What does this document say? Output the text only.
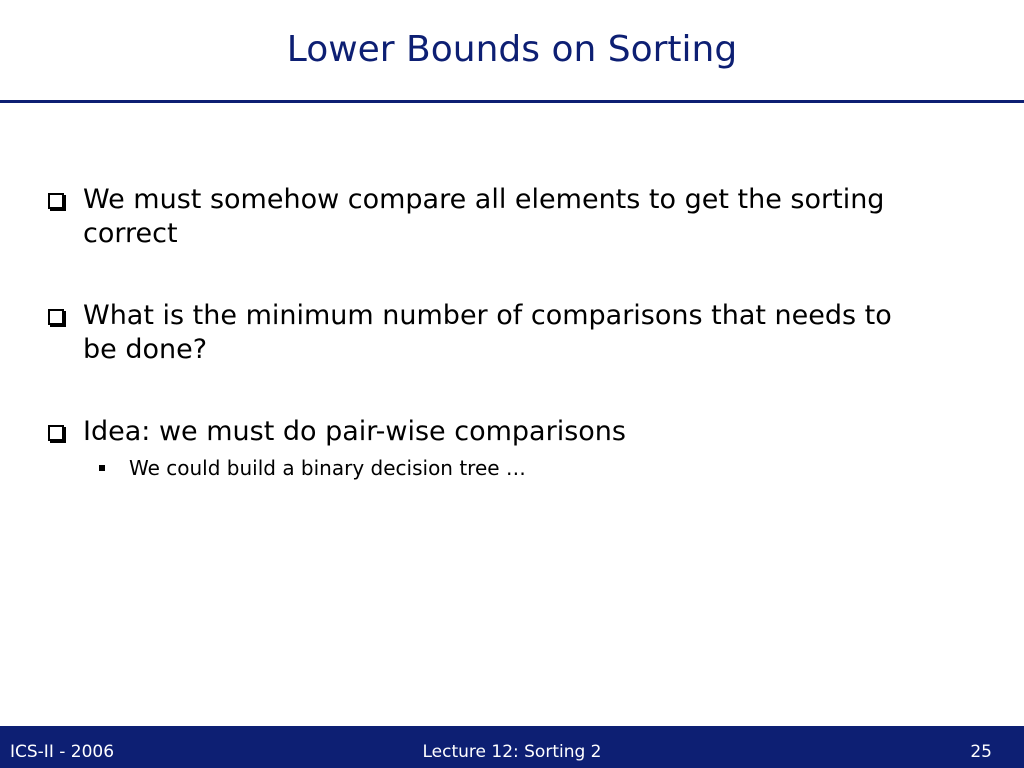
Lower Bounds on Sorting
We must somehow compare all elements to get the sorting correct
What is the minimum number of comparisons that needs to be done?
Idea: we must do pair-wise comparisons
We could build a binary decision tree …
ICS-II - 2006	Lecture 12: Sorting 2	25
